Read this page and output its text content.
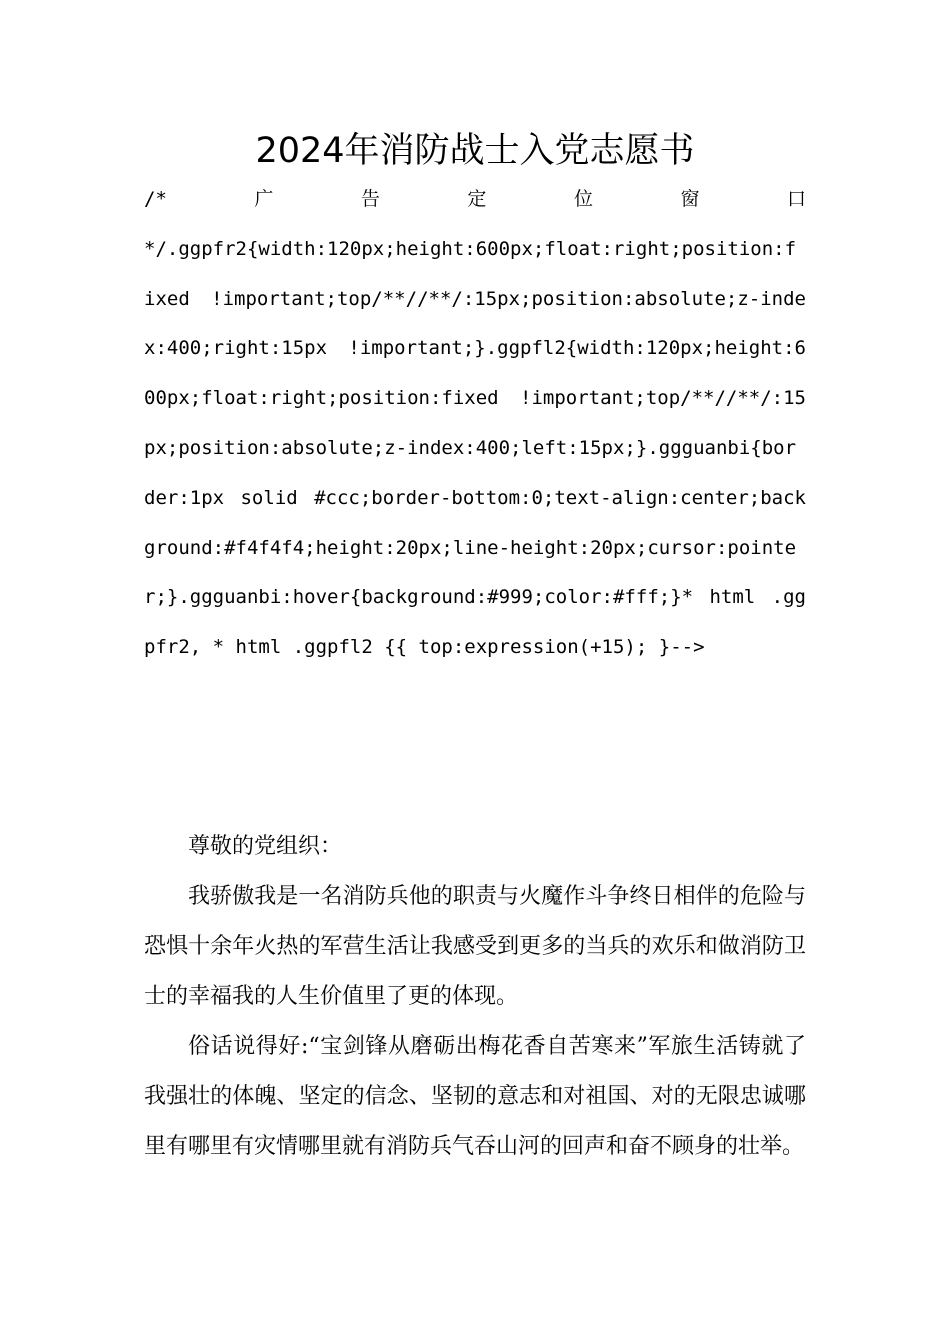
2024年消防战士入党志愿书
/*　　　广　　　告　　　定　　　位　　　窗　　　口
*/.ggpfr2{width:120px;height:600px;float:right;position:fixed !important;top/**//**/:15px;position:absolute;z-index:400;right:15px !important;}.ggpfl2{width:120px;height:600px;float:right;position:fixed !important;top/**//**/:15px;position:absolute;z-index:400;left:15px;}.ggguanbi{border:1px solid #ccc;border-bottom:0;text-align:center;background:#f4f4f4;height:20px;line-height:20px;cursor:pointer;}.ggguanbi:hover{background:#999;color:#fff;}* html .ggpfr2, * html .ggpfl2 {{ top:expression(+15); }-->

尊敬的党组织：

我骄傲我是一名消防兵他的职责与火魔作斗争终日相伴的危险与恐惧十余年火热的军营生活让我感受到更多的当兵的欢乐和做消防卫士的幸福我的人生价值里了更的体现。

俗话说得好:“宝剑锋从磨砺出梅花香自苦寒来”军旅生活铸就了我强壮的体魄、坚定的信念、坚韧的意志和对祖国、对的无限忠诚哪里有哪里有灾情哪里就有消防兵气吞山河的回声和奋不顾身的壮举。
